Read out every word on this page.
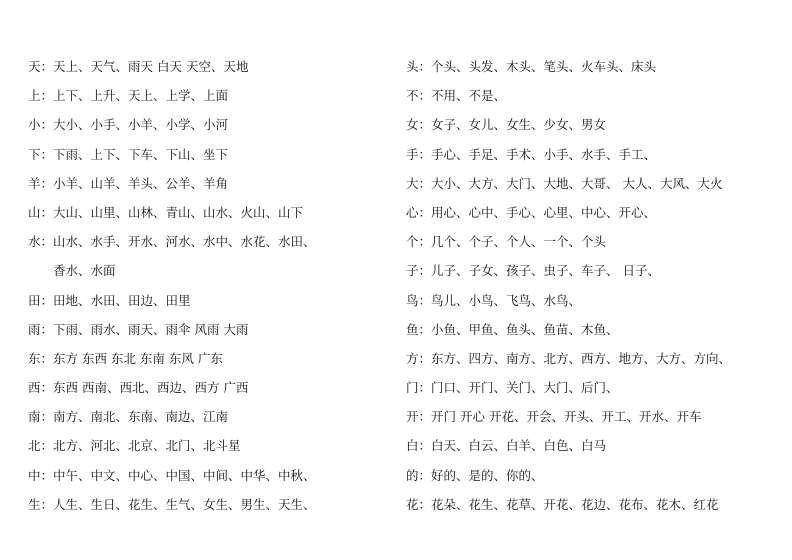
天：天上、天气、雨天 白天 天空、天地
上：上下、上升、天上、上学、上面
小：大小、小手、小羊、小学、小河
下：下雨、上下、下车、下山、坐下
羊：小羊、山羊、羊头、公羊、羊角
山：大山、山里、山林、青山、山水、火山、山下
水：山水、水手、开水、河水、水中、水花、水田、
香水、水面
田：田地、水田、田边、田里
雨：下雨、雨水、雨天、雨伞 风雨 大雨
东：东方 东西 东北 东南 东风 广东
西：东西 西南、西北、西边、西方 广西
南：南方、南北、东南、南边、江南
北：北方、河北、北京、北门、北斗星
中：中午、中文、中心、中国、中间、中华、中秋、
生：人生、生日、花生、生气、女生、男生、天生、
头：个头、头发、木头、笔头、火车头、床头
不：不用、不是、
女：女子、女儿、女生、少女、男女
手：手心、手足、手术、小手、水手、手工、
大：大小、大方、大门、大地、大哥、 大人、大风、大火
心：用心、心中、手心、心里、中心、开心、
个：几个、个子、个人、一个、个头
子：儿子、子女、孩子、虫子、车子、 日子、
鸟：鸟儿、小鸟、飞鸟、水鸟、
鱼：小鱼、甲鱼、鱼头、鱼苗、木鱼、
方：东方、四方、南方、北方、西方、地方、大方、方向、
门：门口、开门、关门、大门、后门、
开：开门 开心 开花、开会、开头、开工、开水、开车
白：白天、白云、白羊、白色、白马
的：好的、是的、你的、
花：花朵、花生、花草、开花、花边、花布、花木、红花
